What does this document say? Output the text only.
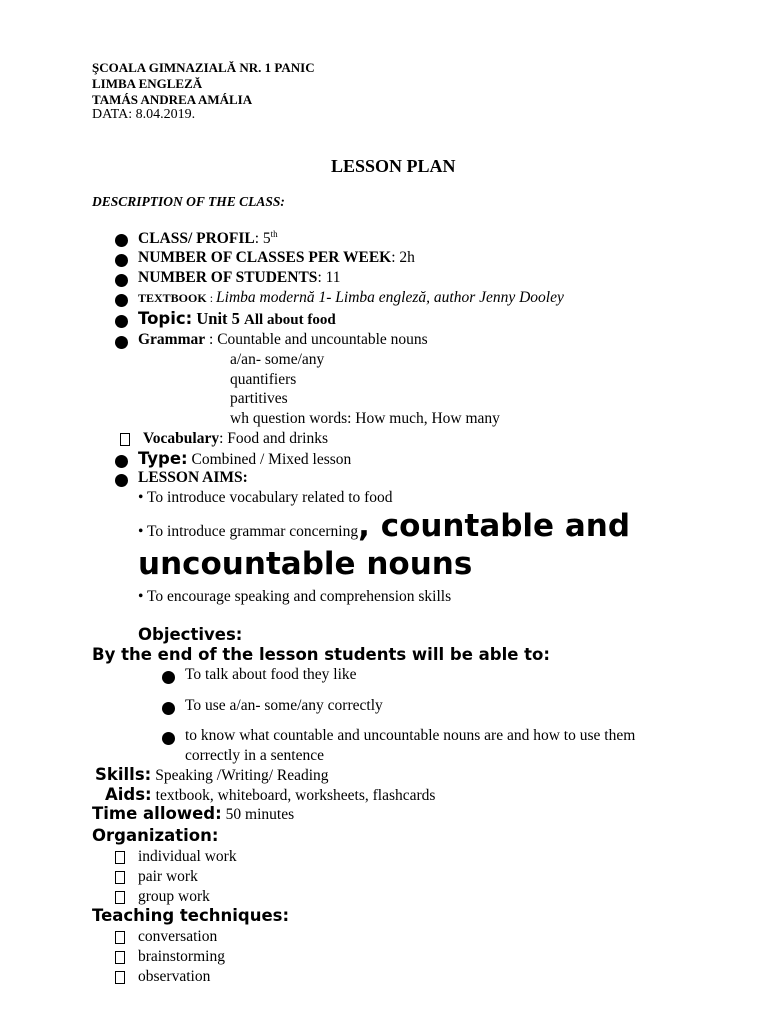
ŞCOALA GIMNAZIALĂ NR. 1 PANIC
LIMBA ENGLEZĂ
TAMÁS ANDREA AMÁLIA
DATA: 8.04.2019.
LESSON PLAN
DESCRIPTION OF THE CLASS:
CLASS/ PROFIL: 5th
NUMBER OF CLASSES PER WEEK: 2h
NUMBER OF STUDENTS: 11
TEXTBOOK : Limba modernă 1- Limba engleză, author Jenny Dooley
Topic: Unit 5 All about food
Grammar : Countable and uncountable nouns
a/an- some/any
quantifiers
partitives
wh question words: How much, How many
Vocabulary: Food and drinks
Type: Combined / Mixed lesson
LESSON AIMS:
• To introduce vocabulary related to food
• To introduce grammar concerning, countable and
uncountable nouns
• To encourage speaking and comprehension skills
Objectives:
By the end of the lesson students will be able to:
To talk about food they like
To use a/an- some/any correctly
to know what countable and uncountable nouns are and how to use them
correctly in a sentence
Skills: Speaking /Writing/ Reading
Aids: textbook, whiteboard, worksheets, flashcards
Time allowed: 50 minutes
Organization:
individual work
pair work
group work
Teaching techniques:
conversation
brainstorming
observation
